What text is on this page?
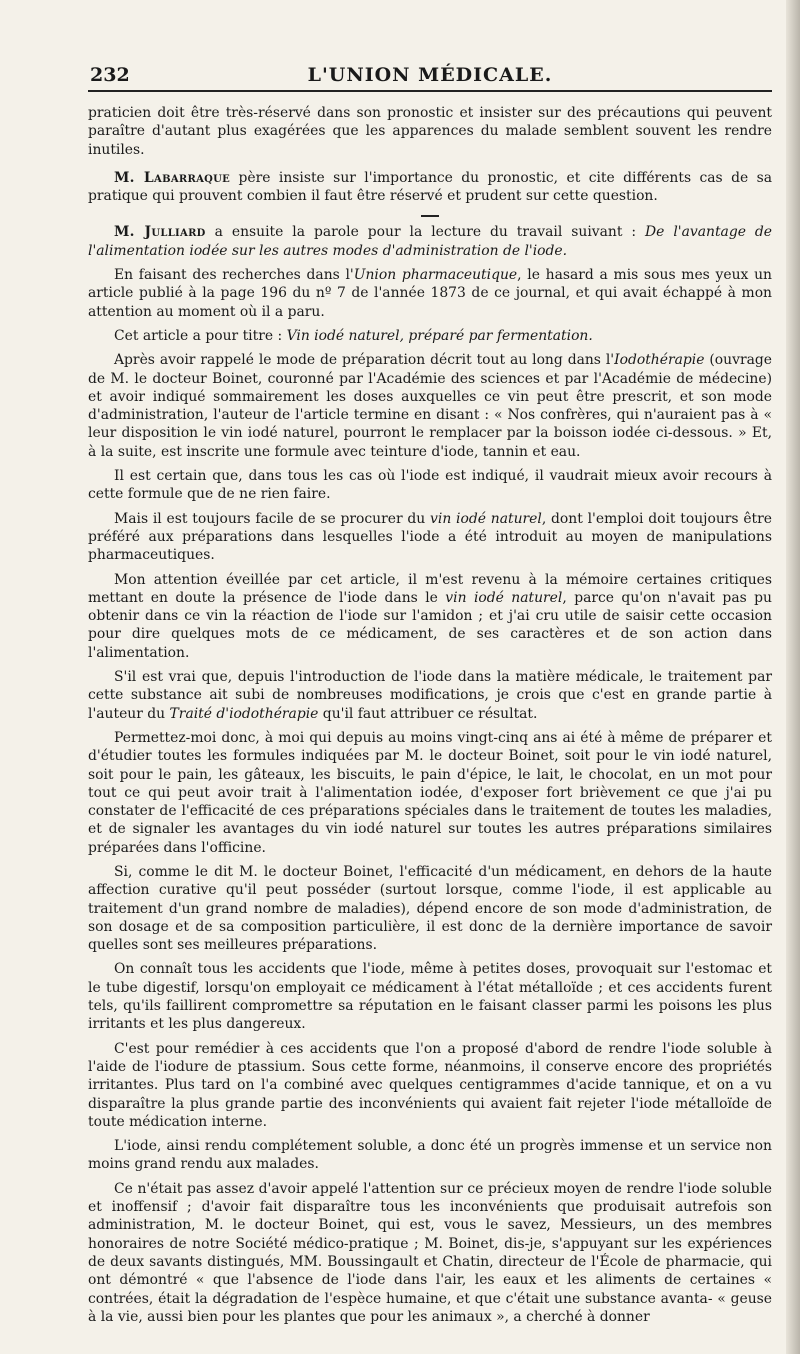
232	L'UNION MÉDICALE.

praticien doit être très-réservé dans son pronostic et insister sur des précautions qui peuvent paraître d'autant plus exagérées que les apparences du malade semblent souvent les rendre inutiles.

M. Labarraque père insiste sur l'importance du pronostic, et cite différents cas de sa pratique qui prouvent combien il faut être réservé et prudent sur cette question.

M. Julliard a ensuite la parole pour la lecture du travail suivant : De l'avantage de l'alimentation iodée sur les autres modes d'administration de l'iode.

En faisant des recherches dans l'Union pharmaceutique, le hasard a mis sous mes yeux un article publié à la page 196 du nº 7 de l'année 1873 de ce journal, et qui avait échappé à mon attention au moment où il a paru.

Cet article a pour titre : Vin iodé naturel, préparé par fermentation.

Après avoir rappelé le mode de préparation décrit tout au long dans l'Iodothérapie (ouvrage de M. le docteur Boinet, couronné par l'Académie des sciences et par l'Académie de médecine) et avoir indiqué sommairement les doses auxquelles ce vin peut être prescrit, et son mode d'administration, l'auteur de l'article termine en disant : « Nos confrères, qui n'auraient pas à « leur disposition le vin iodé naturel, pourront le remplacer par la boisson iodée ci-dessous. » Et, à la suite, est inscrite une formule avec teinture d'iode, tannin et eau.

Il est certain que, dans tous les cas où l'iode est indiqué, il vaudrait mieux avoir recours à cette formule que de ne rien faire.

Mais il est toujours facile de se procurer du vin iodé naturel, dont l'emploi doit toujours être préféré aux préparations dans lesquelles l'iode a été introduit au moyen de manipulations pharmaceutiques.

Mon attention éveillée par cet article, il m'est revenu à la mémoire certaines critiques mettant en doute la présence de l'iode dans le vin iodé naturel, parce qu'on n'avait pas pu obtenir dans ce vin la réaction de l'iode sur l'amidon ; et j'ai cru utile de saisir cette occasion pour dire quelques mots de ce médicament, de ses caractères et de son action dans l'alimentation.

S'il est vrai que, depuis l'introduction de l'iode dans la matière médicale, le traitement par cette substance ait subi de nombreuses modifications, je crois que c'est en grande partie à l'auteur du Traité d'iodothérapie qu'il faut attribuer ce résultat.

Permettez-moi donc, à moi qui depuis au moins vingt-cinq ans ai été à même de préparer et d'étudier toutes les formules indiquées par M. le docteur Boinet, soit pour le vin iodé naturel, soit pour le pain, les gâteaux, les biscuits, le pain d'épice, le lait, le chocolat, en un mot pour tout ce qui peut avoir trait à l'alimentation iodée, d'exposer fort brièvement ce que j'ai pu constater de l'efficacité de ces préparations spéciales dans le traitement de toutes les maladies, et de signaler les avantages du vin iodé naturel sur toutes les autres préparations similaires préparées dans l'officine.

Si, comme le dit M. le docteur Boinet, l'efficacité d'un médicament, en dehors de la haute affection curative qu'il peut posséder (surtout lorsque, comme l'iode, il est applicable au traitement d'un grand nombre de maladies), dépend encore de son mode d'administration, de son dosage et de sa composition particulière, il est donc de la dernière importance de savoir quelles sont ses meilleures préparations.

On connaît tous les accidents que l'iode, même à petites doses, provoquait sur l'estomac et le tube digestif, lorsqu'on employait ce médicament à l'état métalloïde ; et ces accidents furent tels, qu'ils faillirent compromettre sa réputation en le faisant classer parmi les poisons les plus irritants et les plus dangereux.

C'est pour remédier à ces accidents que l'on a proposé d'abord de rendre l'iode soluble à l'aide de l'iodure de ptassium. Sous cette forme, néanmoins, il conserve encore des propriétés irritantes. Plus tard on l'a combiné avec quelques centigrammes d'acide tannique, et on a vu disparaître la plus grande partie des inconvénients qui avaient fait rejeter l'iode métalloïde de toute médication interne.

L'iode, ainsi rendu complétement soluble, a donc été un progrès immense et un service non moins grand rendu aux malades.

Ce n'était pas assez d'avoir appelé l'attention sur ce précieux moyen de rendre l'iode soluble et inoffensif ; d'avoir fait disparaître tous les inconvénients que produisait autrefois son administration, M. le docteur Boinet, qui est, vous le savez, Messieurs, un des membres honoraires de notre Société médico-pratique ; M. Boinet, dis-je, s'appuyant sur les expériences de deux savants distingués, MM. Boussingault et Chatin, directeur de l'École de pharmacie, qui ont démontré « que l'absence de l'iode dans l'air, les eaux et les aliments de certaines « contrées, était la dégradation de l'espèce humaine, et que c'était une substance avanta- « geuse à la vie, aussi bien pour les plantes que pour les animaux », a cherché à donner
